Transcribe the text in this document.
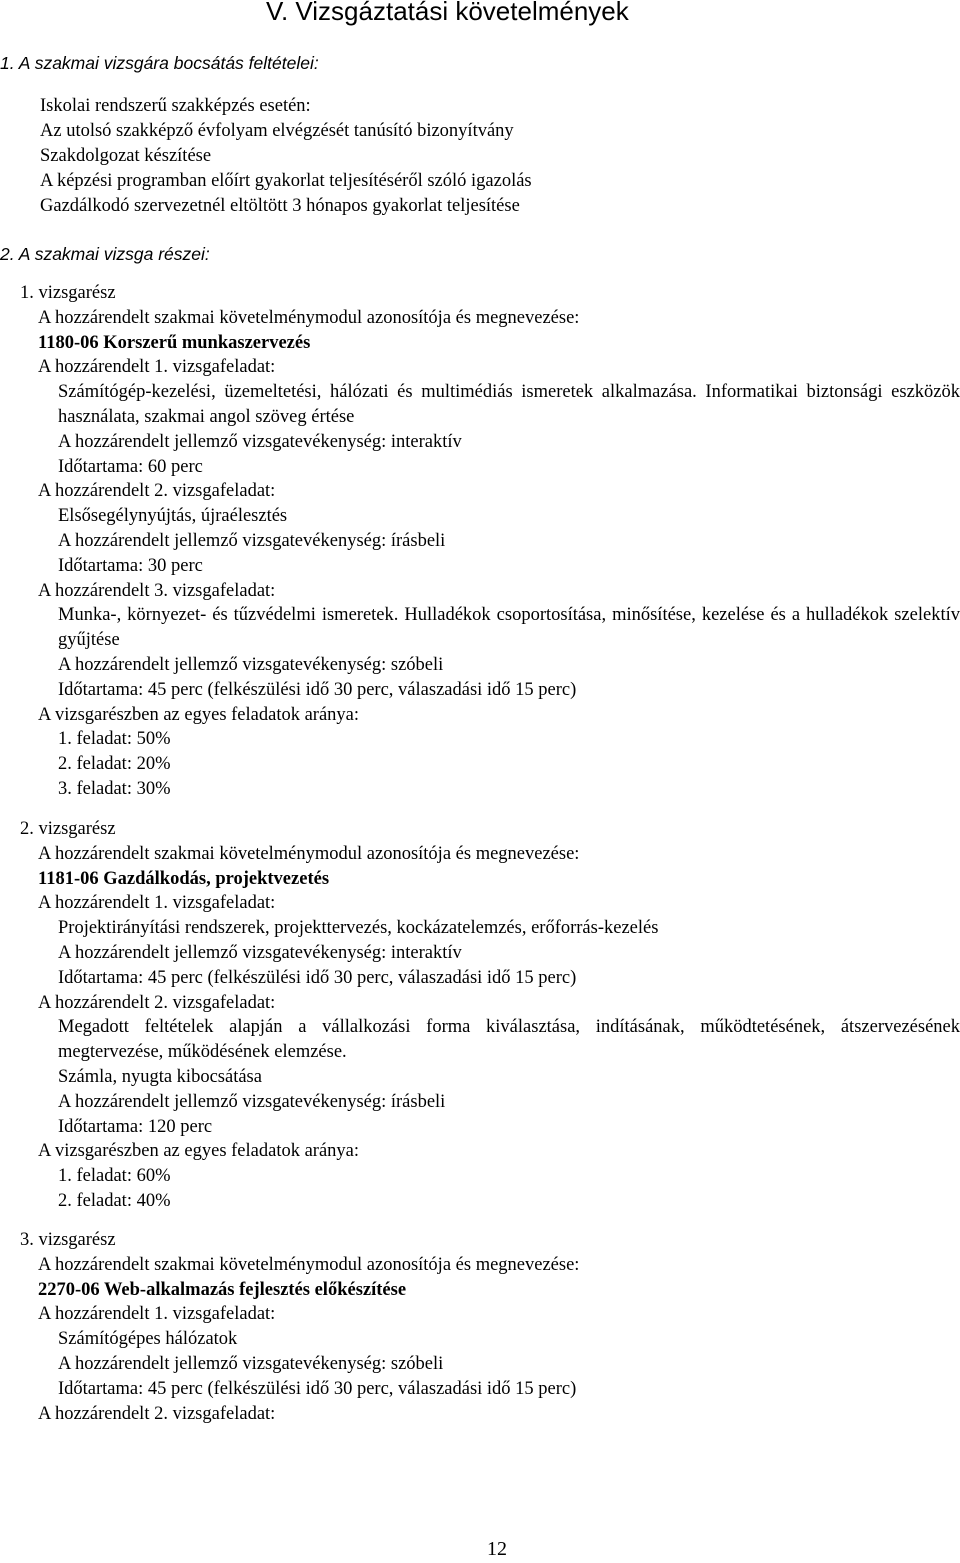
V. Vizsgáztatási követelmények
1. A szakmai vizsgára bocsátás feltételei:
Iskolai rendszerű szakképzés esetén:
Az utolsó szakképző évfolyam elvégzését tanúsító bizonyítvány
Szakdolgozat készítése
A képzési programban előírt gyakorlat teljesítéséről szóló igazolás
Gazdálkodó szervezetnél eltöltött 3 hónapos gyakorlat teljesítése
2. A szakmai vizsga részei:
1. vizsgarész
A hozzárendelt szakmai követelménymodul azonosítója és megnevezése:
1180-06 Korszerű munkaszervezés
A hozzárendelt 1. vizsgafeladat:
Számítógép-kezelési, üzemeltetési, hálózati és multimédiás ismeretek alkalmazása. Informatikai biztonsági eszközök használata, szakmai angol szöveg értése
A hozzárendelt jellemző vizsgatevékenység: interaktív
Időtartama: 60 perc
A hozzárendelt 2. vizsgafeladat:
Elsősegélynyújtás, újraélesztés
A hozzárendelt jellemző vizsgatevékenység: írásbeli
Időtartama: 30 perc
A hozzárendelt 3. vizsgafeladat:
Munka-, környezet- és tűzvédelmi ismeretek. Hulladékok csoportosítása, minősítése, kezelése és a hulladékok szelektív gyűjtése
A hozzárendelt jellemző vizsgatevékenység: szóbeli
Időtartama: 45 perc (felkészülési idő 30 perc, válaszadási idő 15 perc)
A vizsgarészben az egyes feladatok aránya:
1. feladat: 50%
2. feladat: 20%
3. feladat: 30%
2. vizsgarész
A hozzárendelt szakmai követelménymodul azonosítója és megnevezése:
1181-06 Gazdálkodás, projektvezetés
A hozzárendelt 1. vizsgafeladat:
Projektirányítási rendszerek, projekttervezés, kockázatelemzés, erőforrás-kezelés
A hozzárendelt jellemző vizsgatevékenység: interaktív
Időtartama: 45 perc (felkészülési idő 30 perc, válaszadási idő 15 perc)
A hozzárendelt 2. vizsgafeladat:
Megadott feltételek alapján a vállalkozási forma kiválasztása, indításának, működtetésének, átszervezésének megtervezése, működésének elemzése.
Számla, nyugta kibocsátása
A hozzárendelt jellemző vizsgatevékenység: írásbeli
Időtartama: 120 perc
A vizsgarészben az egyes feladatok aránya:
1. feladat: 60%
2. feladat: 40%
3. vizsgarész
A hozzárendelt szakmai követelménymodul azonosítója és megnevezése:
2270-06 Web-alkalmazás fejlesztés előkészítése
A hozzárendelt 1. vizsgafeladat:
Számítógépes hálózatok
A hozzárendelt jellemző vizsgatevékenység: szóbeli
Időtartama: 45 perc (felkészülési idő 30 perc, válaszadási idő 15 perc)
A hozzárendelt 2. vizsgafeladat:
12
